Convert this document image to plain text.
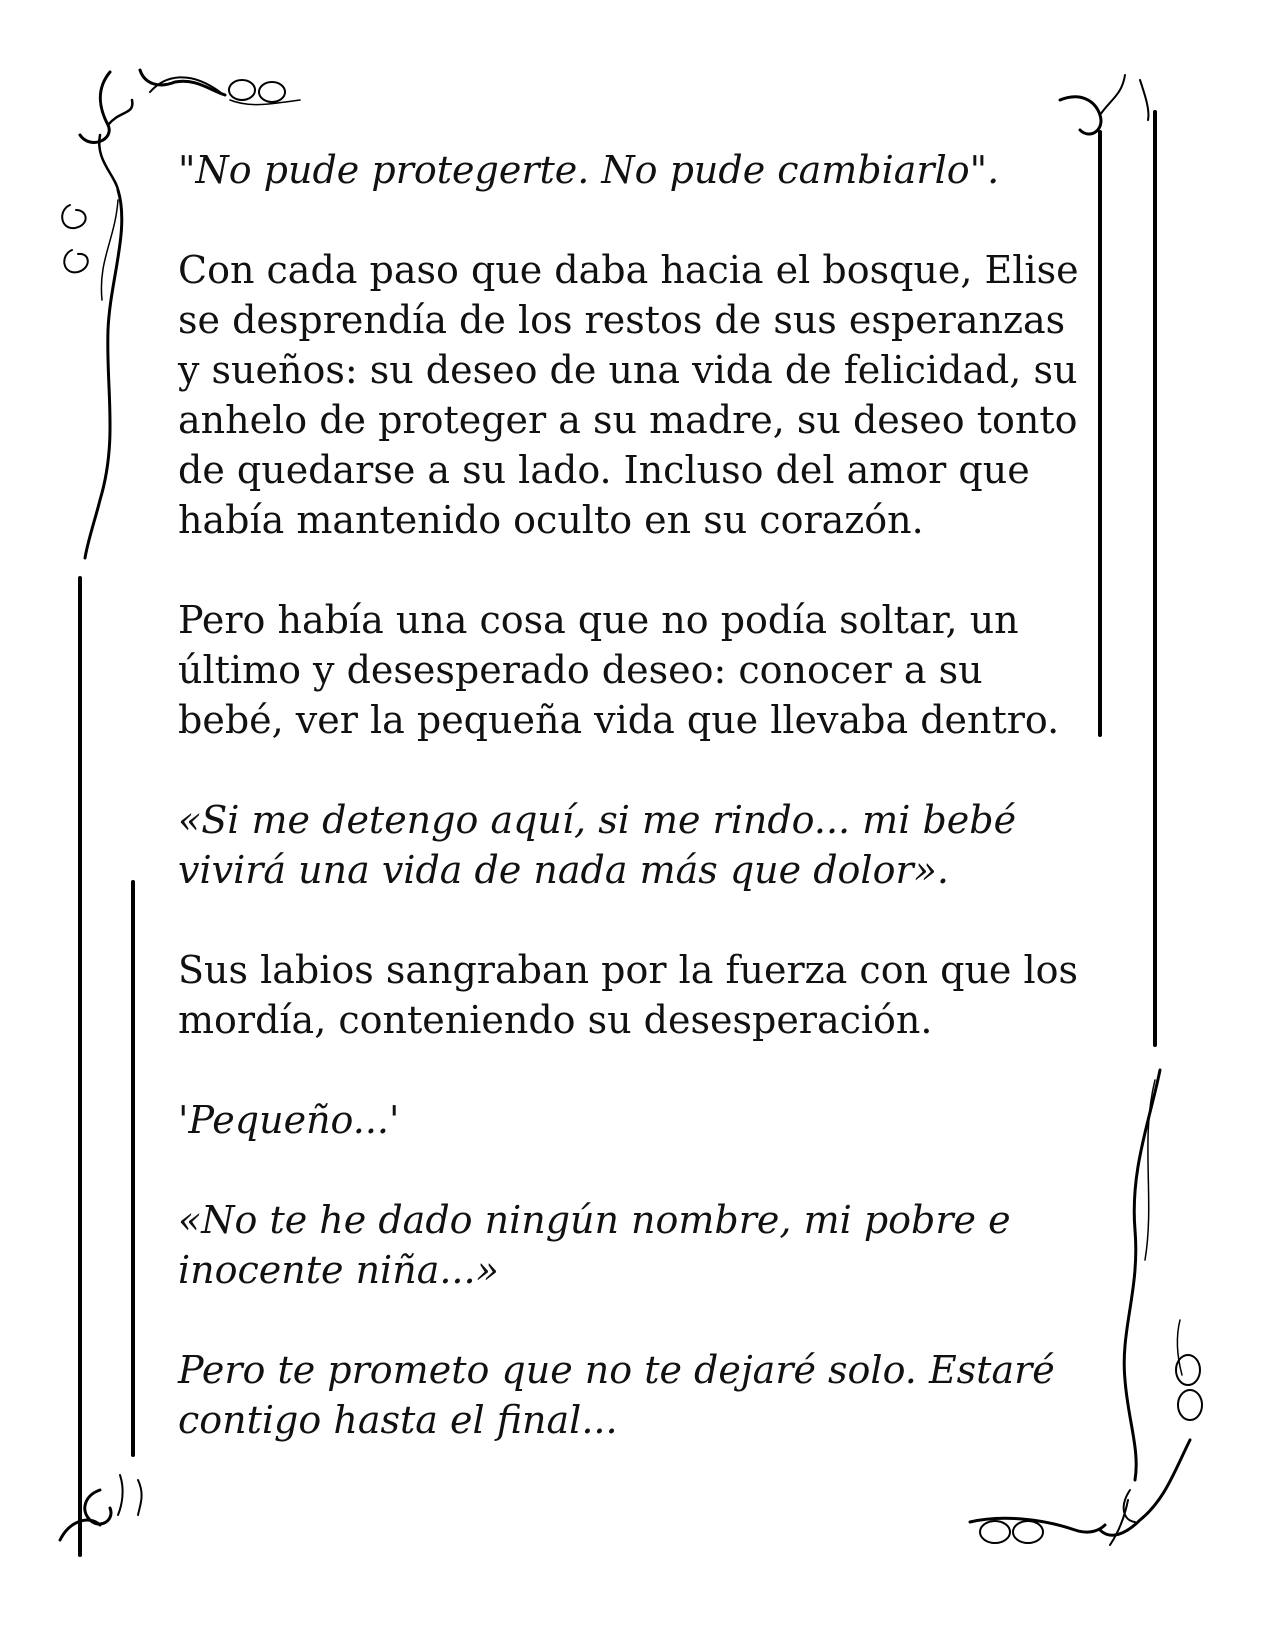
"No pude protegerte. No pude cambiarlo".

Con cada paso que daba hacia el bosque, Elise se desprendía de los restos de sus esperanzas y sueños: su deseo de una vida de felicidad, su anhelo de proteger a su madre, su deseo tonto de quedarse a su lado. Incluso del amor que había mantenido oculto en su corazón.

Pero había una cosa que no podía soltar, un último y desesperado deseo: conocer a su bebé, ver la pequeña vida que llevaba dentro.

«Si me detengo aquí, si me rindo... mi bebé vivirá una vida de nada más que dolor».

Sus labios sangraban por la fuerza con que los mordía, conteniendo su desesperación.

'Pequeño...'

«No te he dado ningún nombre, mi pobre e inocente niña...»

Pero te prometo que no te dejaré solo. Estaré contigo hasta el final...
